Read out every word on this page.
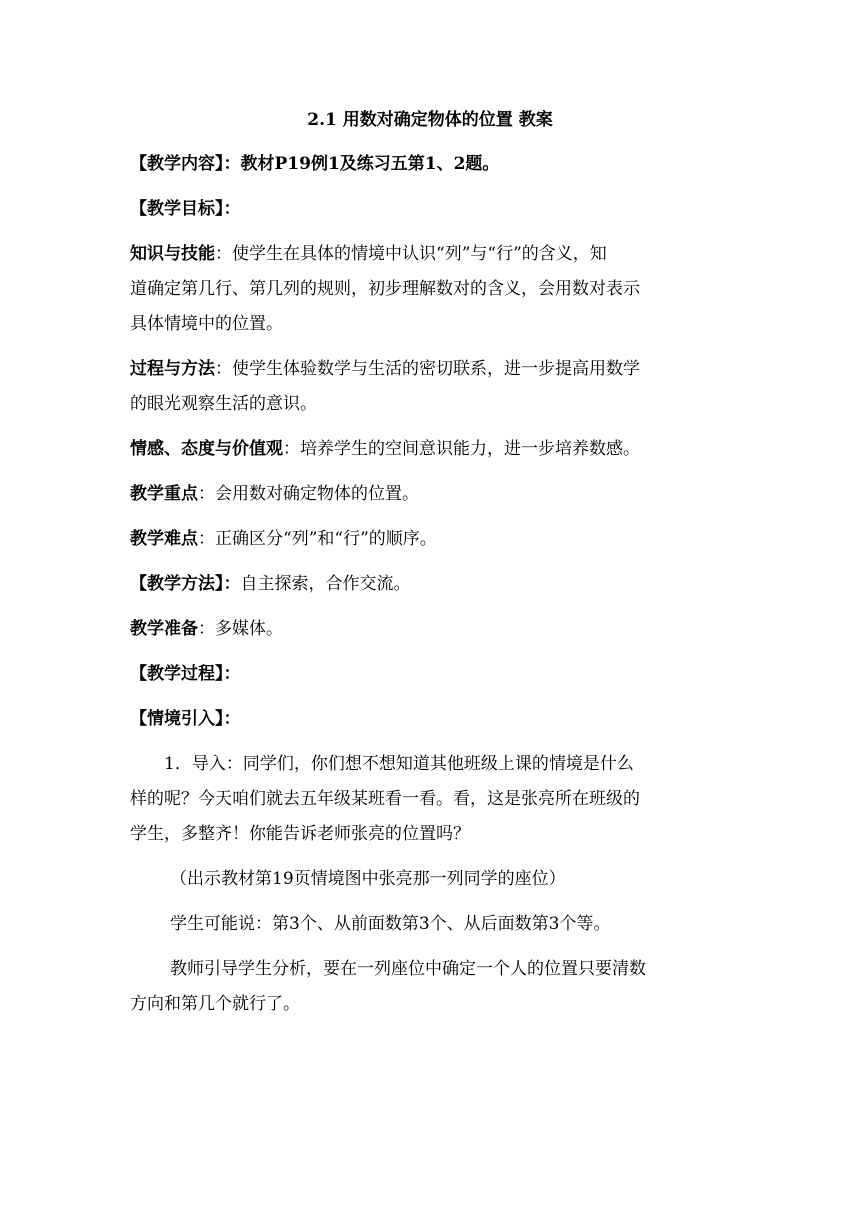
2.1 用数对确定物体的位置 教案
【教学内容】：教材P19例1及练习五第1、2题。
【教学目标】：
知识与技能：使学生在具体的情境中认识“列”与“行”的含义，知
道确定第几行、第几列的规则，初步理解数对的含义，会用数对表示
具体情境中的位置。
过程与方法：使学生体验数学与生活的密切联系，进一步提高用数学
的眼光观察生活的意识。
情感、态度与价值观：培养学生的空间意识能力，进一步培养数感。
教学重点：会用数对确定物体的位置。
教学难点：正确区分“列”和“行”的顺序。
【教学方法】：自主探索，合作交流。
教学准备：多媒体。
【教学过程】：
【情境引入】：
1．导入：同学们，你们想不想知道其他班级上课的情境是什么
样的呢？今天咱们就去五年级某班看一看。看，这是张亮所在班级的
学生，多整齐！你能告诉老师张亮的位置吗？
（出示教材第19页情境图中张亮那一列同学的座位）
学生可能说：第3个、从前面数第3个、从后面数第3个等。
教师引导学生分析，要在一列座位中确定一个人的位置只要清数
方向和第几个就行了。
